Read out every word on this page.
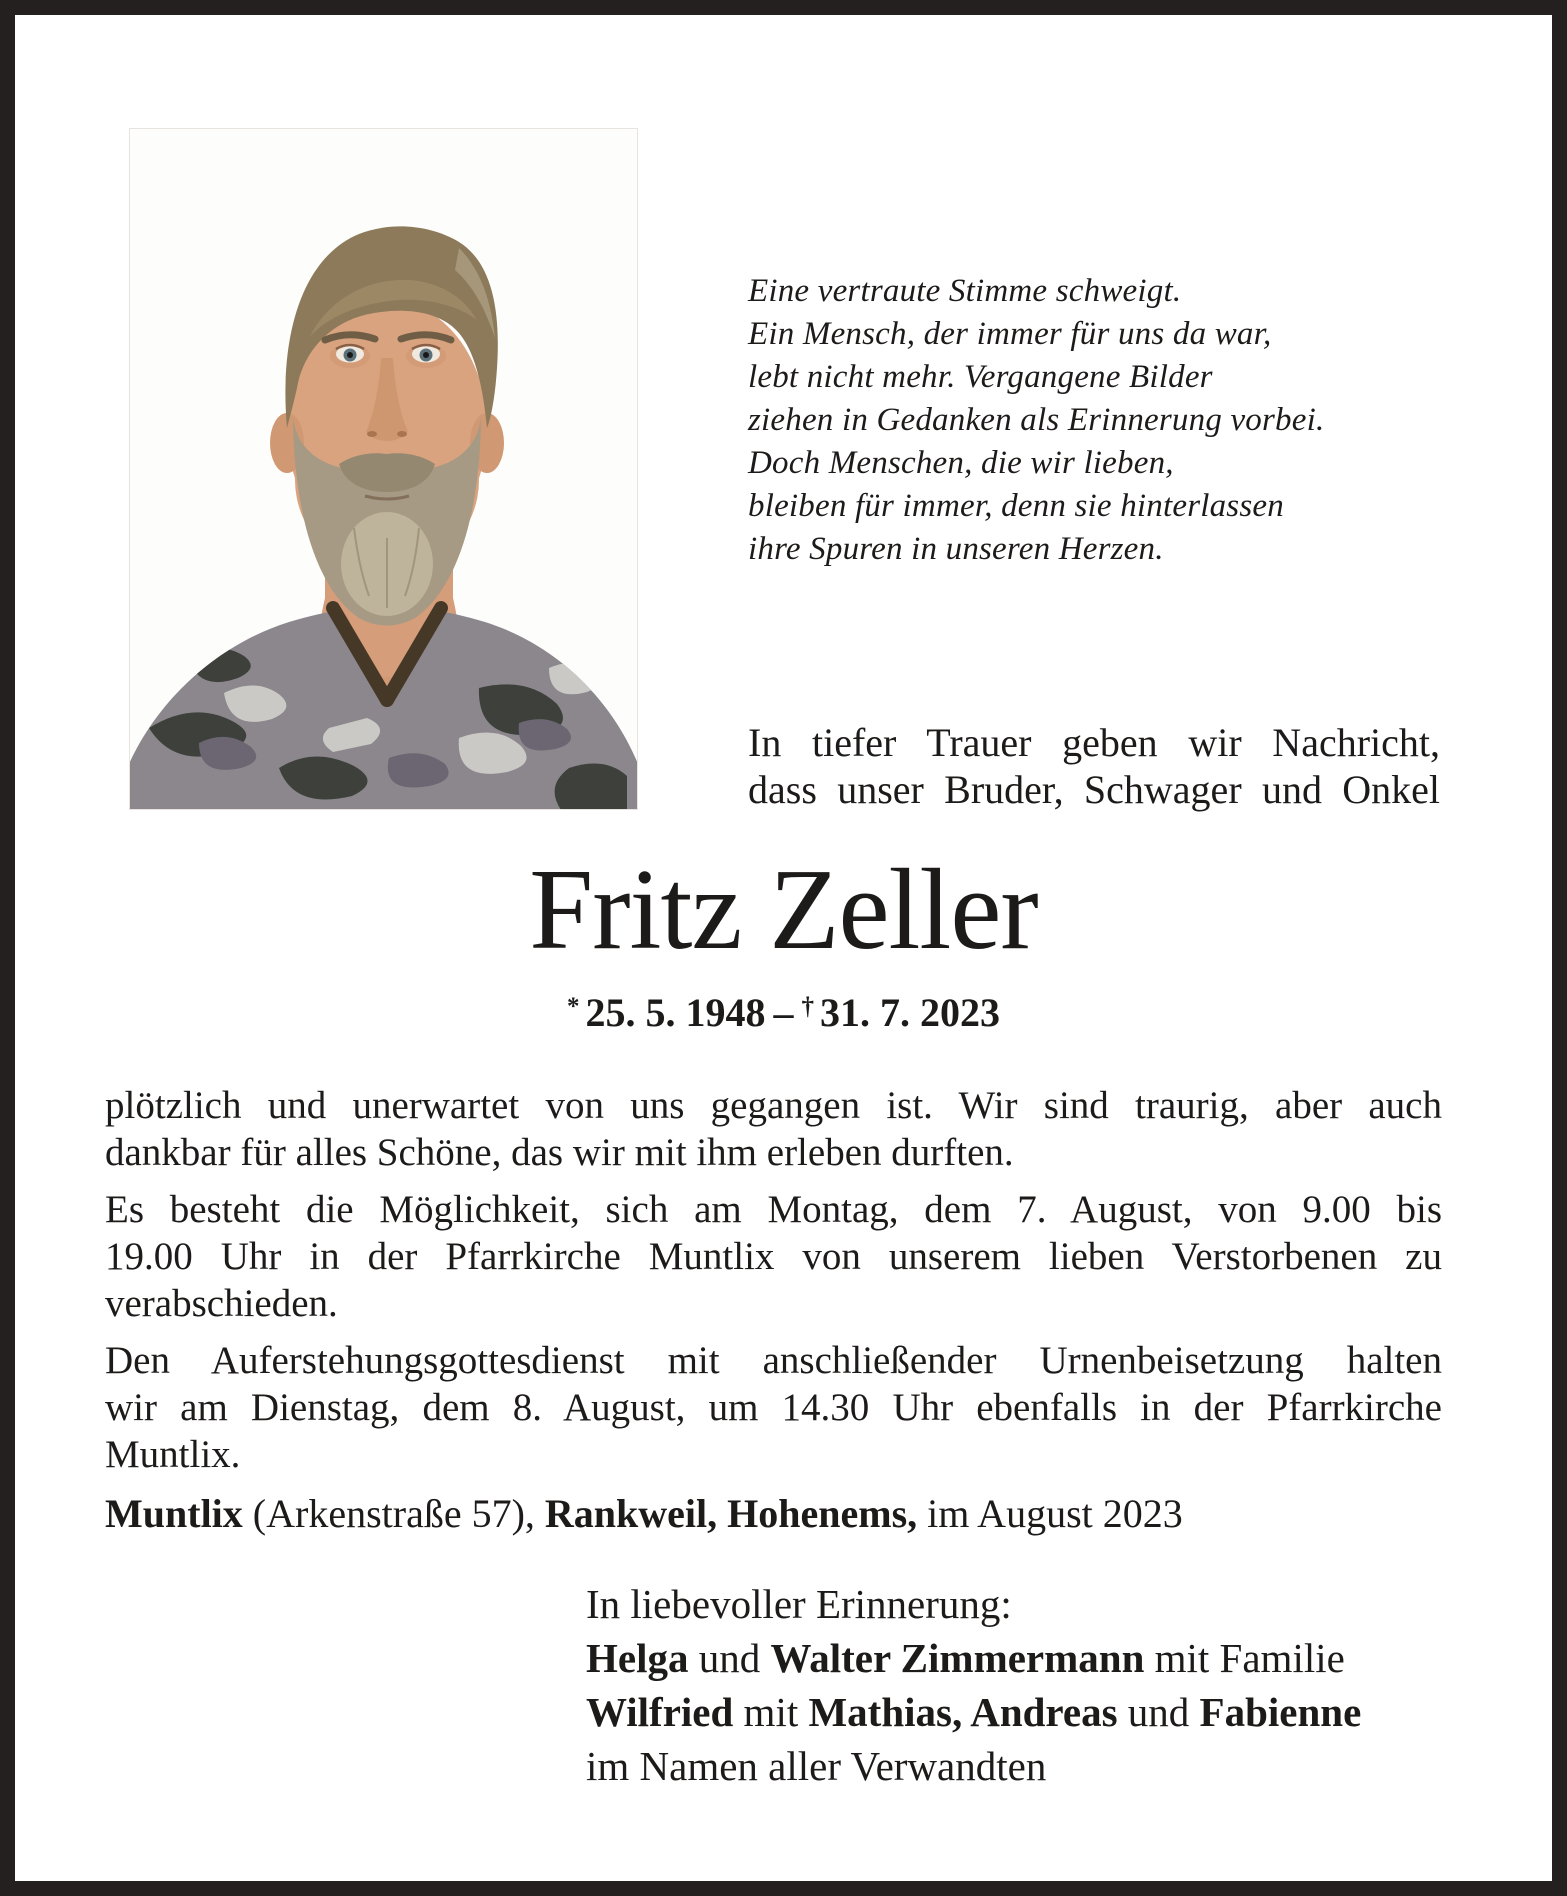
Eine vertraute Stimme schweigt.
Ein Mensch, der immer für uns da war,
lebt nicht mehr. Vergangene Bilder
ziehen in Gedanken als Erinnerung vorbei.
Doch Menschen, die wir lieben,
bleiben für immer, denn sie hinterlassen
ihre Spuren in unseren Herzen.
In tiefer Trauer geben wir Nachricht,
dass unser Bruder, Schwager und Onkel
Fritz Zeller
* 25. 5. 1948 – † 31. 7. 2023
plötzlich und unerwartet von uns gegangen ist. Wir sind traurig, aber auch
dankbar für alles Schöne, das wir mit ihm erleben durften.
Es besteht die Möglichkeit, sich am Montag, dem 7. August, von 9.00 bis
19.00 Uhr in der Pfarrkirche Muntlix von unserem lieben Verstorbenen zu
verabschieden.
Den Auferstehungsgottesdienst mit anschließender Urnenbeisetzung halten
wir am Dienstag, dem 8. August, um 14.30 Uhr ebenfalls in der Pfarrkirche
Muntlix.
Muntlix (Arkenstraße 57), Rankweil, Hohenems, im August 2023
In liebevoller Erinnerung:
Helga und Walter Zimmermann mit Familie
Wilfried mit Mathias, Andreas und Fabienne
im Namen aller Verwandten
